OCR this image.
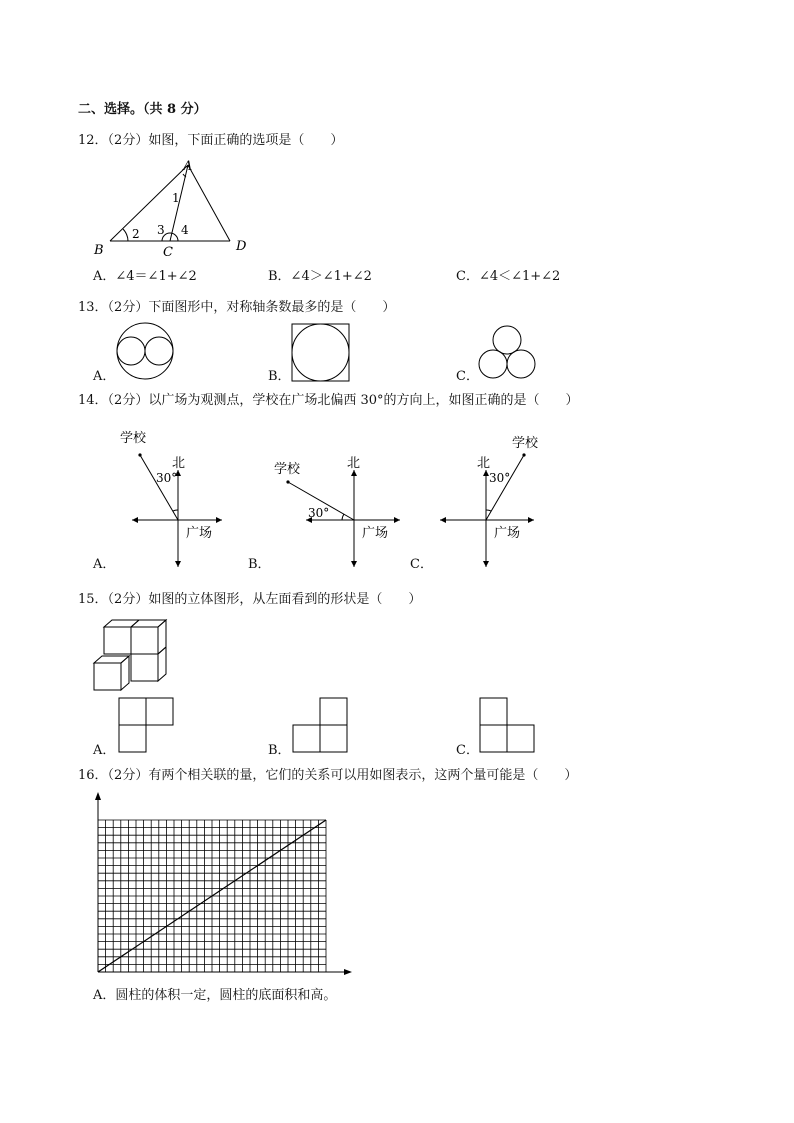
二、选择。（共 8 分）
12．（2分）如图，下面正确的选项是（　　）
B
A
C	D
1
2 3 4
A．∠4＝∠1+∠2	B．∠4＞∠1+∠2	C．∠4＜∠1+∠2
13．（2分）下面图形中，对称轴条数最多的是（　　）
A．	B．	C．
14．（2分）以广场为观测点，学校在广场北偏西 30°的方向上，如图正确的是（　　）
学校
北
30°
广场
A．
学校	北
30°
广场
B．
学校
北
30°
广场
C．
15．（2分）如图的立体图形，从左面看到的形状是（　　）
A．	B．	C．
16．（2分）有两个相关联的量，它们的关系可以用如图表示，这两个量可能是（　　）
A．圆柱的体积一定，圆柱的底面积和高。
